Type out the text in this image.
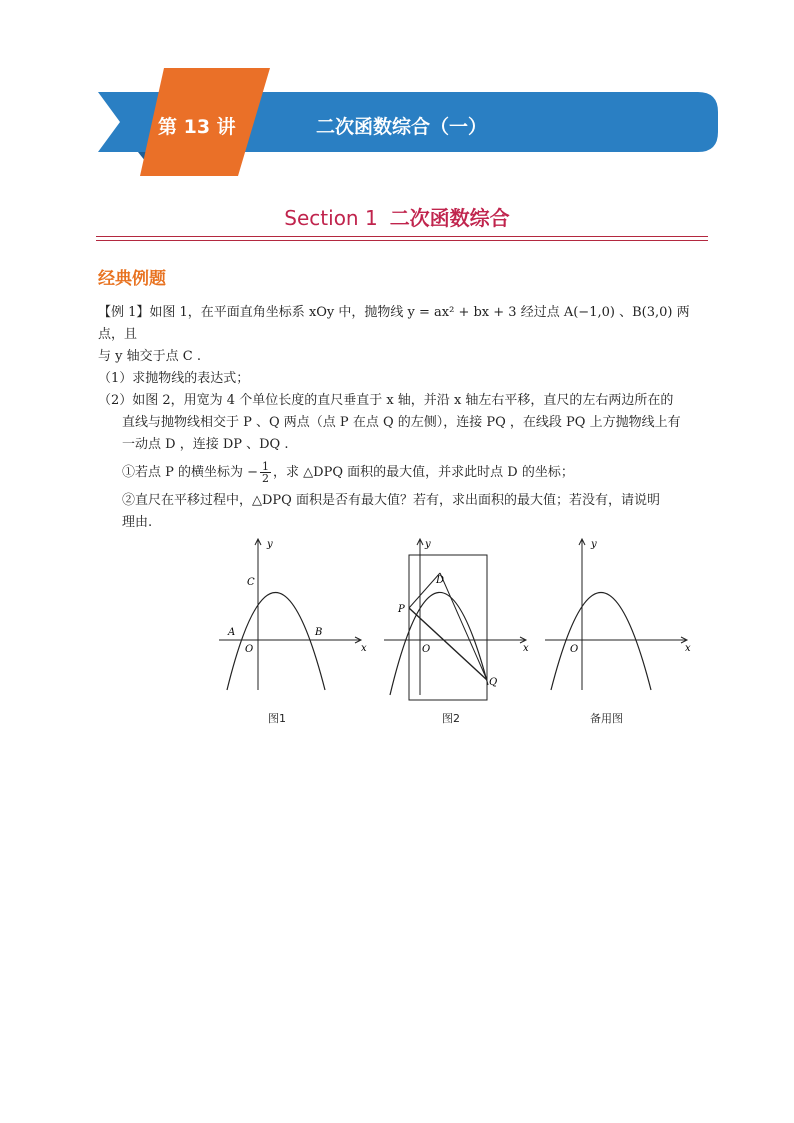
第 13 讲	二次函数综合（一）
Section 1 二次函数综合
经典例题

【例 1】如图 1，在平面直角坐标系 xOy 中，抛物线 y = ax² + bx + 3 经过点 A(−1,0) 、B(3,0) 两点，且

与 y 轴交于点 C .

（1）求抛物线的表达式；

（2）如图 2，用宽为 4 个单位长度的直尺垂直于 x 轴，并沿 x 轴左右平移，直尺的左右两边所在的

直线与抛物线相交于 P 、Q 两点（点 P 在点 Q 的左侧），连接 PQ ，在线段 PQ 上方抛物线上有

一动点 D ，连接 DP 、DQ .

①若点 P 的横坐标为 − $\frac{1}{2}$ ，求 △DPQ 面积的最大值，并求此时点 D 的坐标；

②直尺在平移过程中，△DPQ 面积是否有最大值？若有，求出面积的最大值；若没有，请说明

理由.

y
x
O
A	B
C
图1
y
x
O
P
Q
D
图2
y
x
O
备用图
